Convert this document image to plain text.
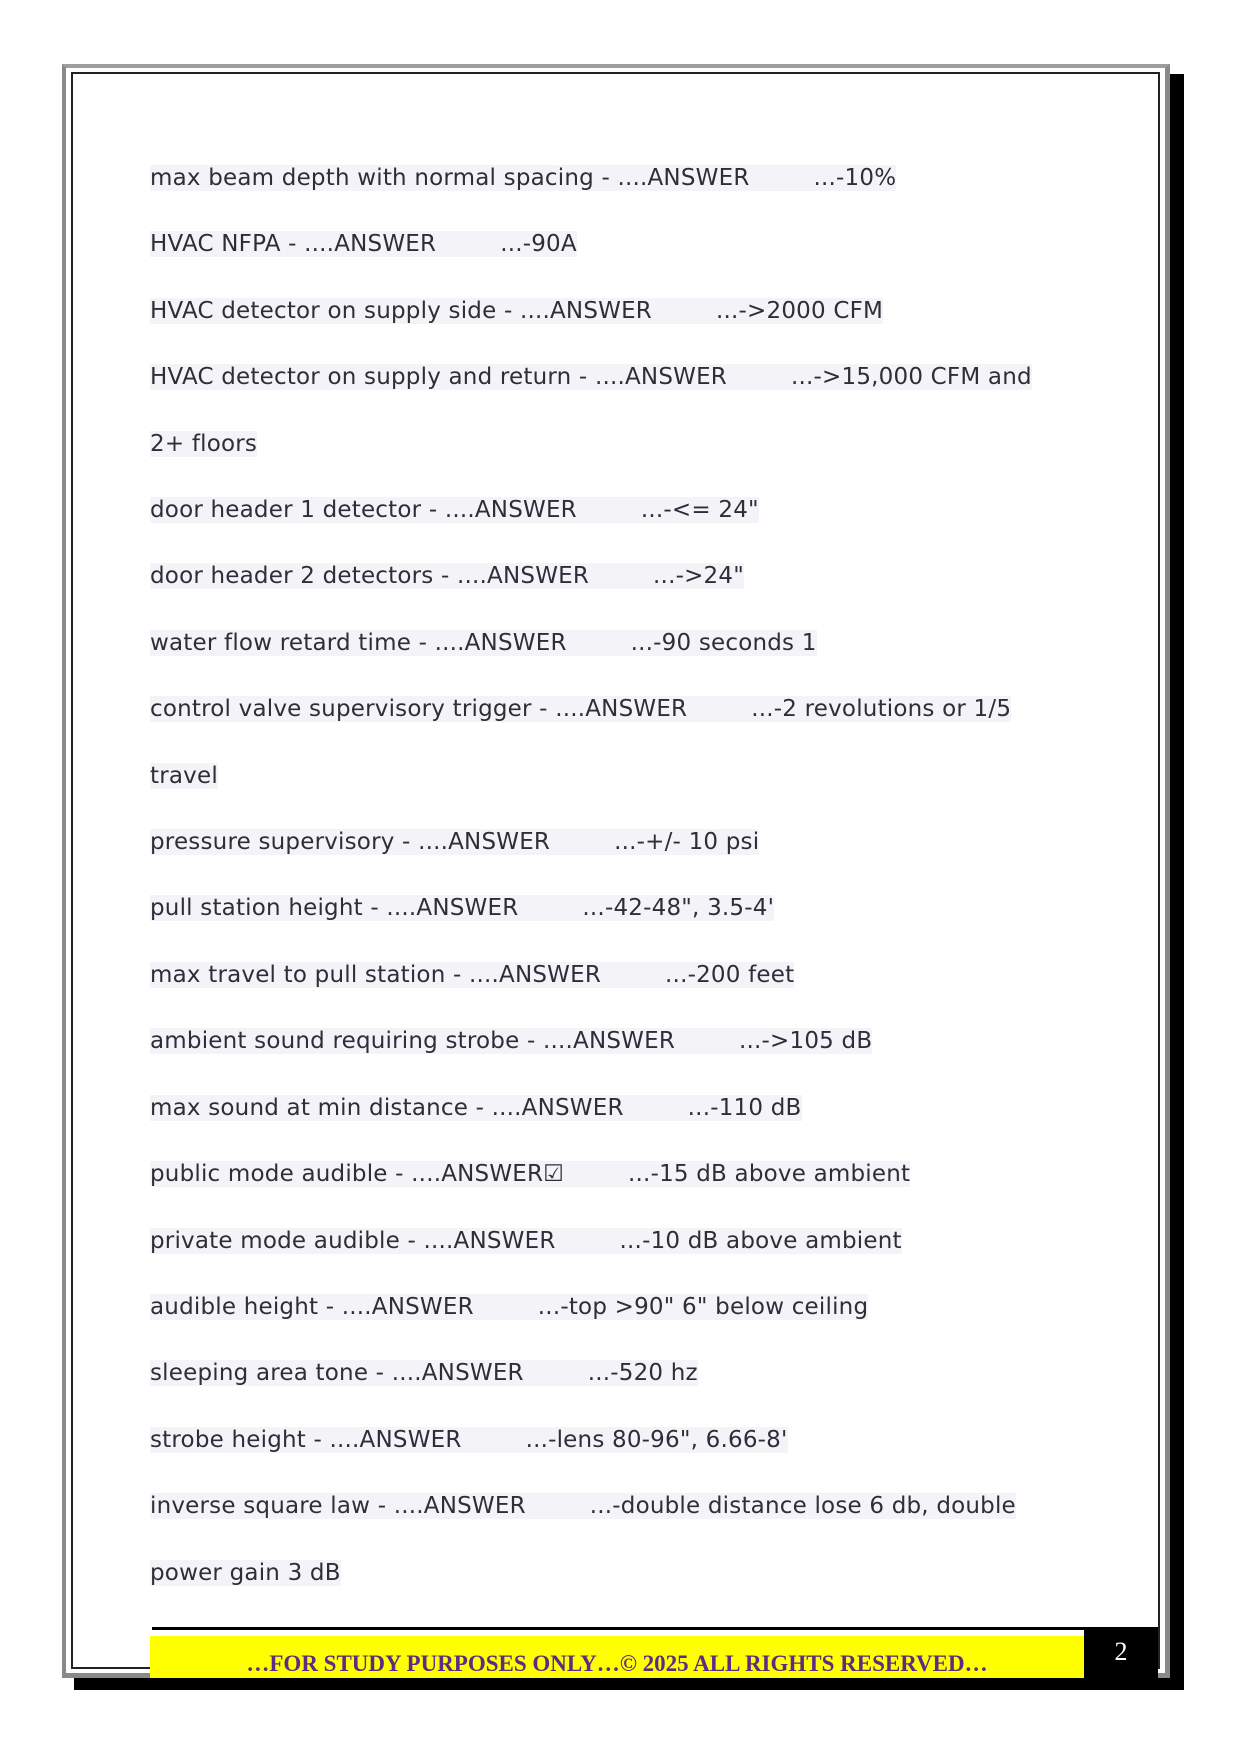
max beam depth with normal spacing - ....ANSWER	...-10%

HVAC NFPA - ....ANSWER	...-90A

HVAC detector on supply side - ....ANSWER	...->2000 CFM

HVAC detector on supply and return - ....ANSWER	...->15,000 CFM and 2+ floors

door header 1 detector - ....ANSWER	...-<= 24"

door header 2 detectors - ....ANSWER	...->24"

water flow retard time - ....ANSWER	...-90 seconds 1

control valve supervisory trigger - ....ANSWER	...-2 revolutions or 1/5 travel

pressure supervisory - ....ANSWER	...-+/- 10 psi

pull station height - ....ANSWER	...-42-48", 3.5-4'

max travel to pull station - ....ANSWER	...-200 feet

ambient sound requiring strobe - ....ANSWER	...->105 dB

max sound at min distance - ....ANSWER	...-110 dB

public mode audible - ....ANSWER☑	...-15 dB above ambient

private mode audible - ....ANSWER	...-10 dB above ambient

audible height - ....ANSWER	...-top >90" 6" below ceiling

sleeping area tone - ....ANSWER	...-520 hz

strobe height - ....ANSWER	...-lens 80-96", 6.66-8'

inverse square law - ....ANSWER	...-double distance lose 6 db, double power gain 3 dB

…FOR STUDY PURPOSES ONLY…© 2025 ALL RIGHTS RESERVED…	2
